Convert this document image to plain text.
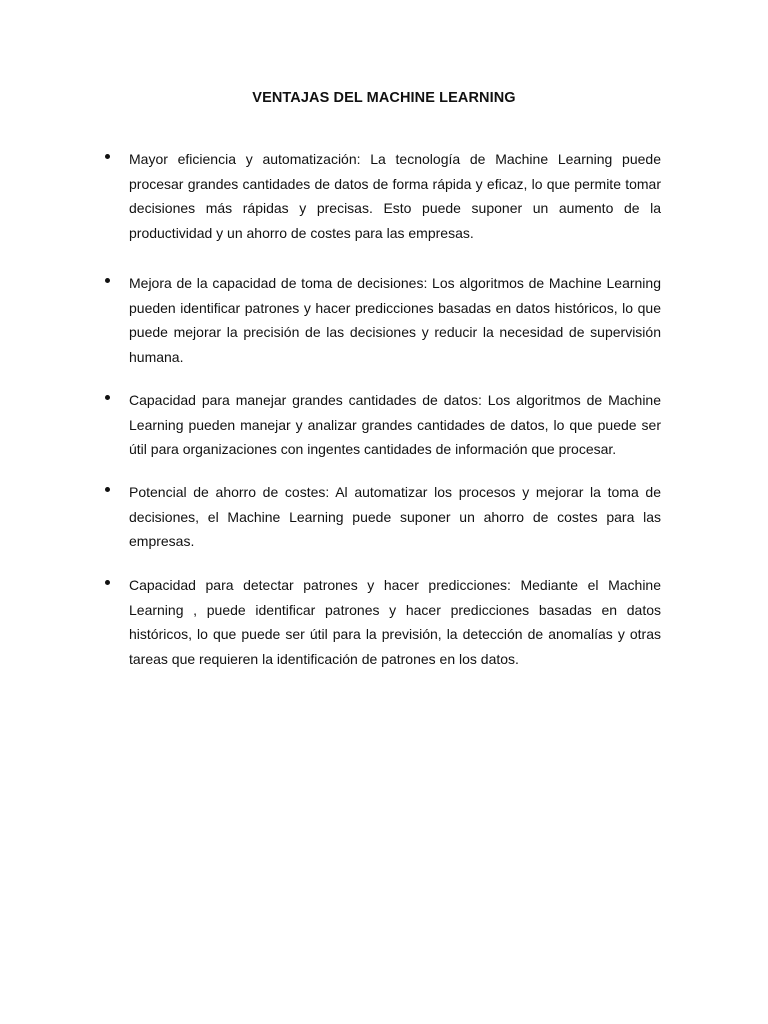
VENTAJAS DEL MACHINE LEARNING

Mayor eficiencia y automatización: La tecnología de Machine Learning puede procesar grandes cantidades de datos de forma rápida y eficaz, lo que permite tomar decisiones más rápidas y precisas. Esto puede suponer un aumento de la productividad y un ahorro de costes para las empresas.

Mejora de la capacidad de toma de decisiones: Los algoritmos de Machine Learning pueden identificar patrones y hacer predicciones basadas en datos históricos, lo que puede mejorar la precisión de las decisiones y reducir la necesidad de supervisión humana.

Capacidad para manejar grandes cantidades de datos: Los algoritmos de Machine Learning pueden manejar y analizar grandes cantidades de datos, lo que puede ser útil para organizaciones con ingentes cantidades de información que procesar.

Potencial de ahorro de costes: Al automatizar los procesos y mejorar la toma de decisiones, el Machine Learning puede suponer un ahorro de costes para las empresas.

Capacidad para detectar patrones y hacer predicciones: Mediante el Machine Learning , puede identificar patrones y hacer predicciones basadas en datos históricos, lo que puede ser útil para la previsión, la detección de anomalías y otras tareas que requieren la identificación de patrones en los datos.
